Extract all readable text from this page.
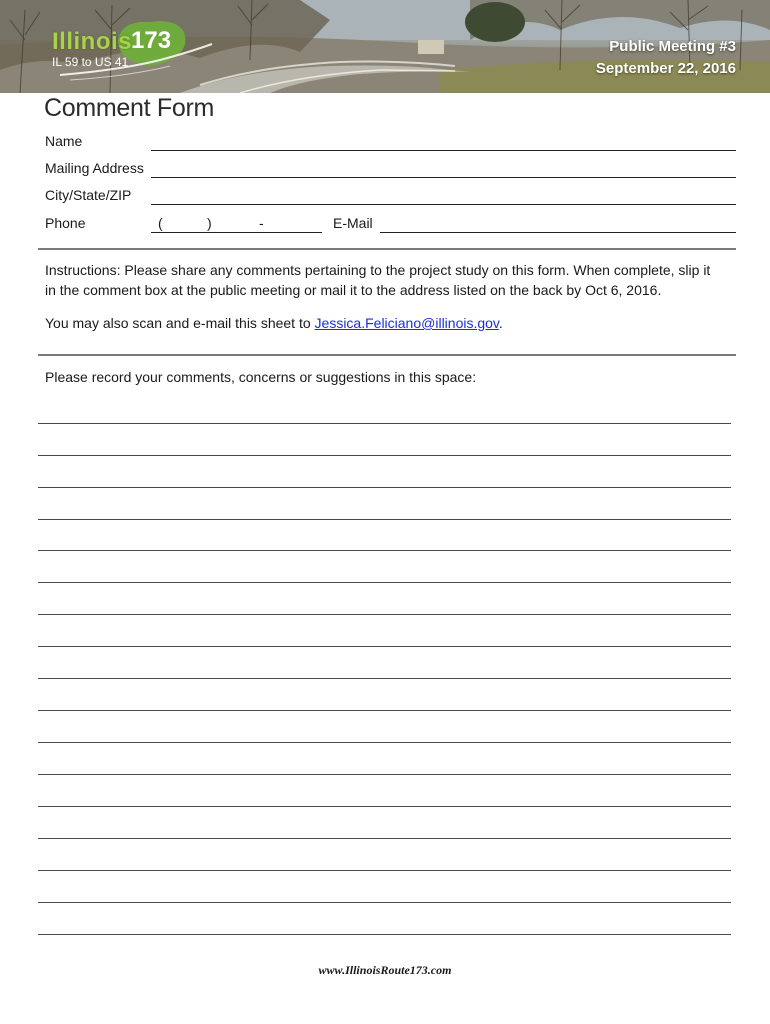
Illinois
173
IL 59 to US 41
Public Meeting #3
September 22, 2016
Comment Form
Name
Mailing Address
City/State/ZIP
Phone	(	)	-	E-Mail
Instructions: Please share any comments pertaining to the project study on this form. When complete, slip it
in the comment box at the public meeting or mail it to the address listed on the back by Oct 6, 2016.
You may also scan and e-mail this sheet to Jessica.Feliciano@illinois.gov.
Please record your comments, concerns or suggestions in this space:
www.IllinoisRoute173.com
